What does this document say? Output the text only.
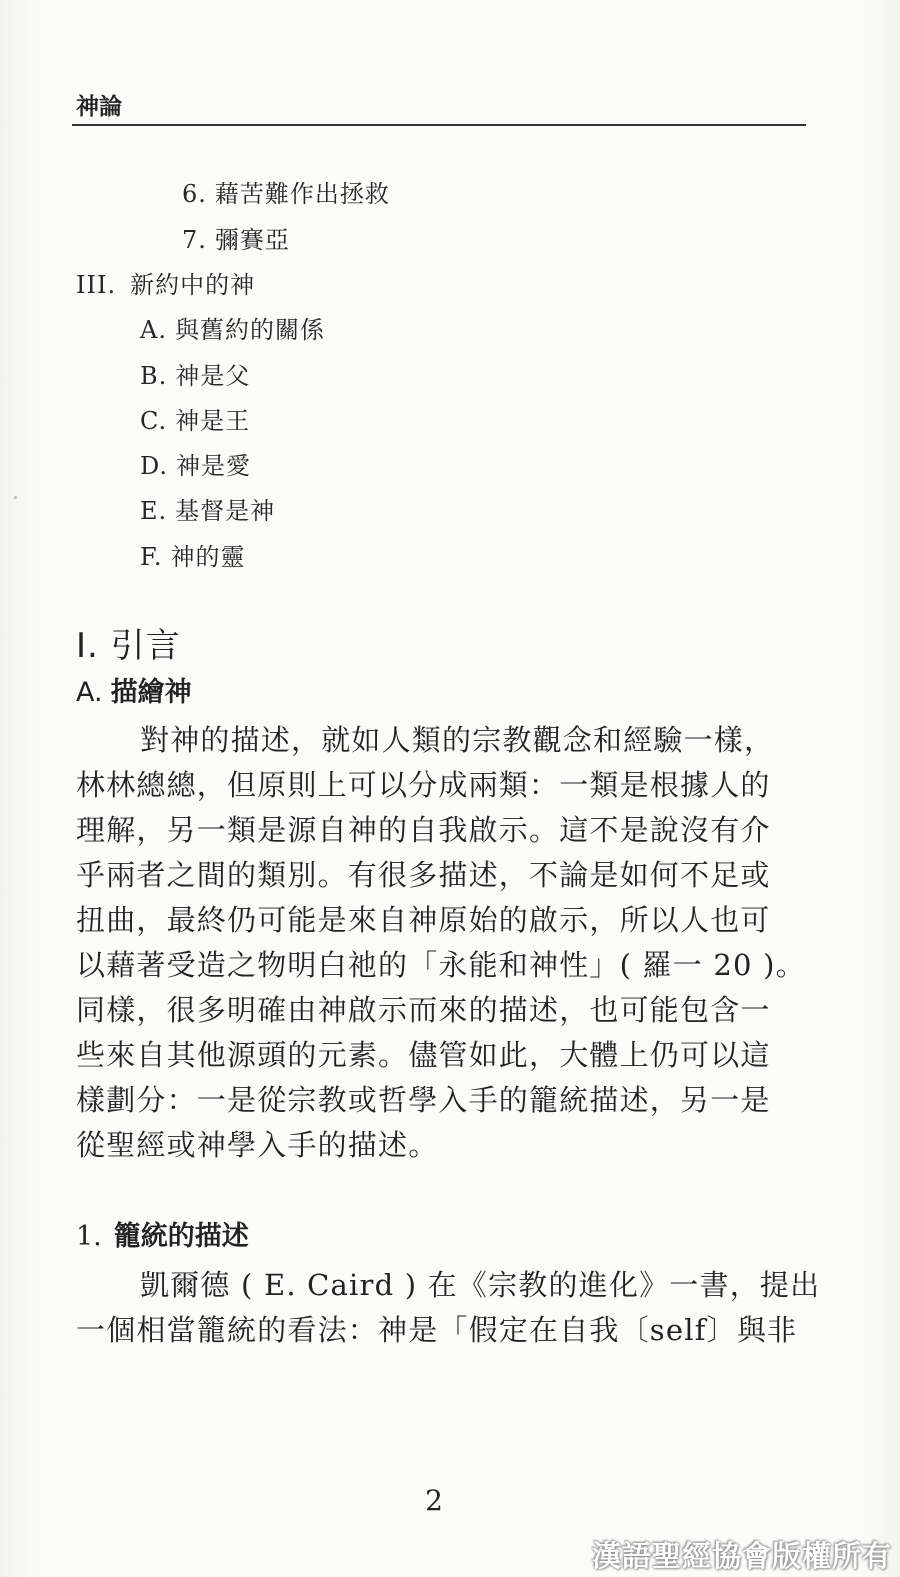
神論
6. 藉苦難作出拯救
7. 彌賽亞
III. 新約中的神
A. 與舊約的關係
B. 神是父
C. 神是王
D. 神是愛
E. 基督是神
F. 神的靈
I. 引言
A. 描繪神
對神的描述，就如人類的宗教觀念和經驗一樣，
林林總總，但原則上可以分成兩類：一類是根據人的
理解，另一類是源自神的自我啟示。這不是說沒有介
乎兩者之間的類別。有很多描述，不論是如何不足或
扭曲，最終仍可能是來自神原始的啟示，所以人也可
以藉著受造之物明白祂的「永能和神性」( 羅一 20 )。
同樣，很多明確由神啟示而來的描述，也可能包含一
些來自其他源頭的元素。儘管如此，大體上仍可以這
樣劃分：一是從宗教或哲學入手的籠統描述，另一是
從聖經或神學入手的描述。
1. 籠統的描述
凱爾德 ( E. Caird ) 在《宗教的進化》一書，提出
一個相當籠統的看法：神是「假定在自我〔self〕與非
2
漢語聖經協會版權所有
